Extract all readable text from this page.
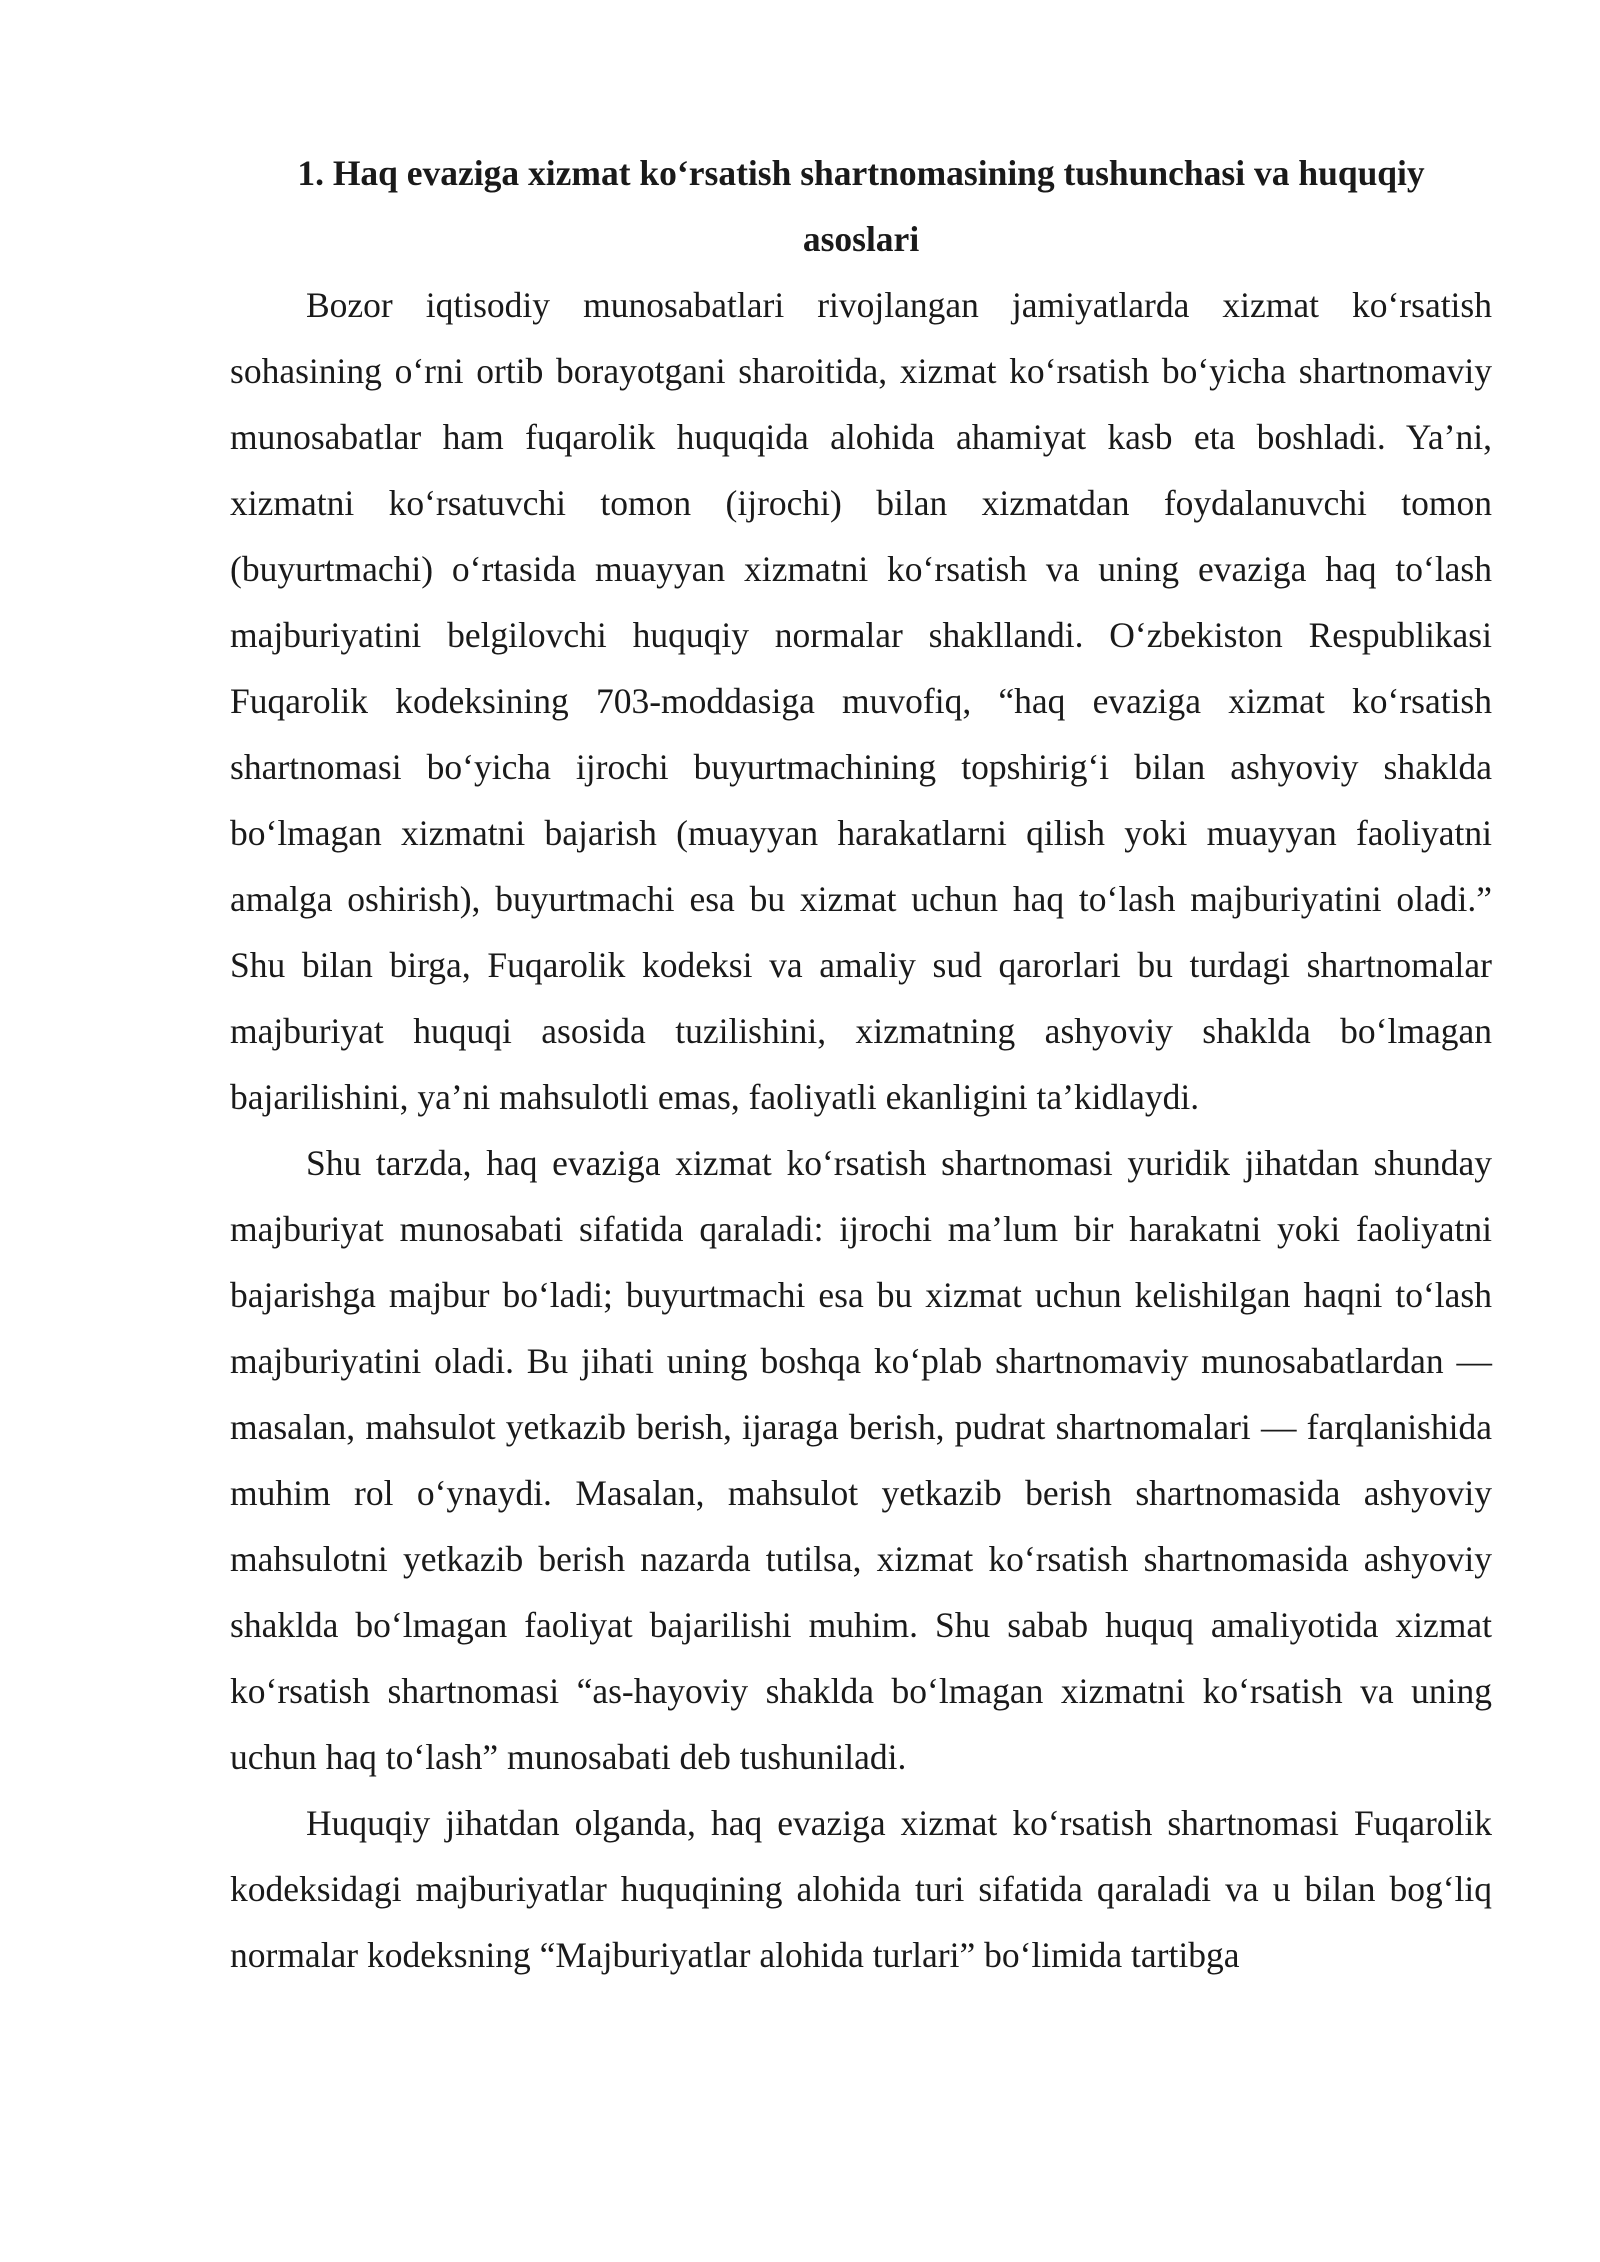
1. Haq evaziga xizmat ko‘rsatish shartnomasining tushunchasi va huquqiy asoslari

Bozor iqtisodiy munosabatlari rivojlangan jamiyatlarda xizmat ko‘rsatish sohasining o‘rni ortib borayotgani sharoitida, xizmat ko‘rsatish bo‘yicha shartnomaviy munosabatlar ham fuqarolik huquqida alohida ahamiyat kasb eta boshladi. Ya’ni, xizmatni ko‘rsatuvchi tomon (ijrochi) bilan xizmatdan foydalanuvchi tomon (buyurtmachi) o‘rtasida muayyan xizmatni ko‘rsatish va uning evaziga haq to‘lash majburiyatini belgilovchi huquqiy normalar shakllandi. O‘zbekiston Respublikasi Fuqarolik kodeksining 703-moddasiga muvofiq, “haq evaziga xizmat ko‘rsatish shartnomasi bo‘yicha ijrochi buyurtmachining topshirig‘i bilan ashyoviy shaklda bo‘lmagan xizmatni bajarish (muayyan harakatlarni qilish yoki muayyan faoliyatni amalga oshirish), buyurtmachi esa bu xizmat uchun haq to‘lash majburiyatini oladi.” Shu bilan birga, Fuqarolik kodeksi va amaliy sud qarorlari bu turdagi shartnomalar majburiyat huquqi asosida tuzilishini, xizmatning ashyoviy shaklda bo‘lmagan bajarilishini, ya’ni mahsulotli emas, faoliyatli ekanligini ta’kidlaydi.

Shu tarzda, haq evaziga xizmat ko‘rsatish shartnomasi yuridik jihatdan shunday majburiyat munosabati sifatida qaraladi: ijrochi ma’lum bir harakatni yoki faoliyatni bajarishga majbur bo‘ladi; buyurtmachi esa bu xizmat uchun kelishilgan haqni to‘lash majburiyatini oladi. Bu jihati uning boshqa ko‘plab shartnomaviy munosabatlardan — masalan, mahsulot yetkazib berish, ijaraga berish, pudrat shartnomalari — farqlanishida muhim rol o‘ynaydi. Masalan, mahsulot yetkazib berish shartnomasida ashyoviy mahsulotni yetkazib berish nazarda tutilsa, xizmat ko‘rsatish shartnomasida ashyoviy shaklda bo‘lmagan faoliyat bajarilishi muhim. Shu sabab huquq amaliyotida xizmat ko‘rsatish shartnomasi “as-hayoviy shaklda bo‘lmagan xizmatni ko‘rsatish va uning uchun haq to‘lash” munosabati deb tushuniladi.

Huquqiy jihatdan olganda, haq evaziga xizmat ko‘rsatish shartnomasi Fuqarolik kodeksidagi majburiyatlar huquqining alohida turi sifatida qaraladi va u bilan bog‘liq normalar kodeksning “Majburiyatlar alohida turlari” bo‘limida tartibga
